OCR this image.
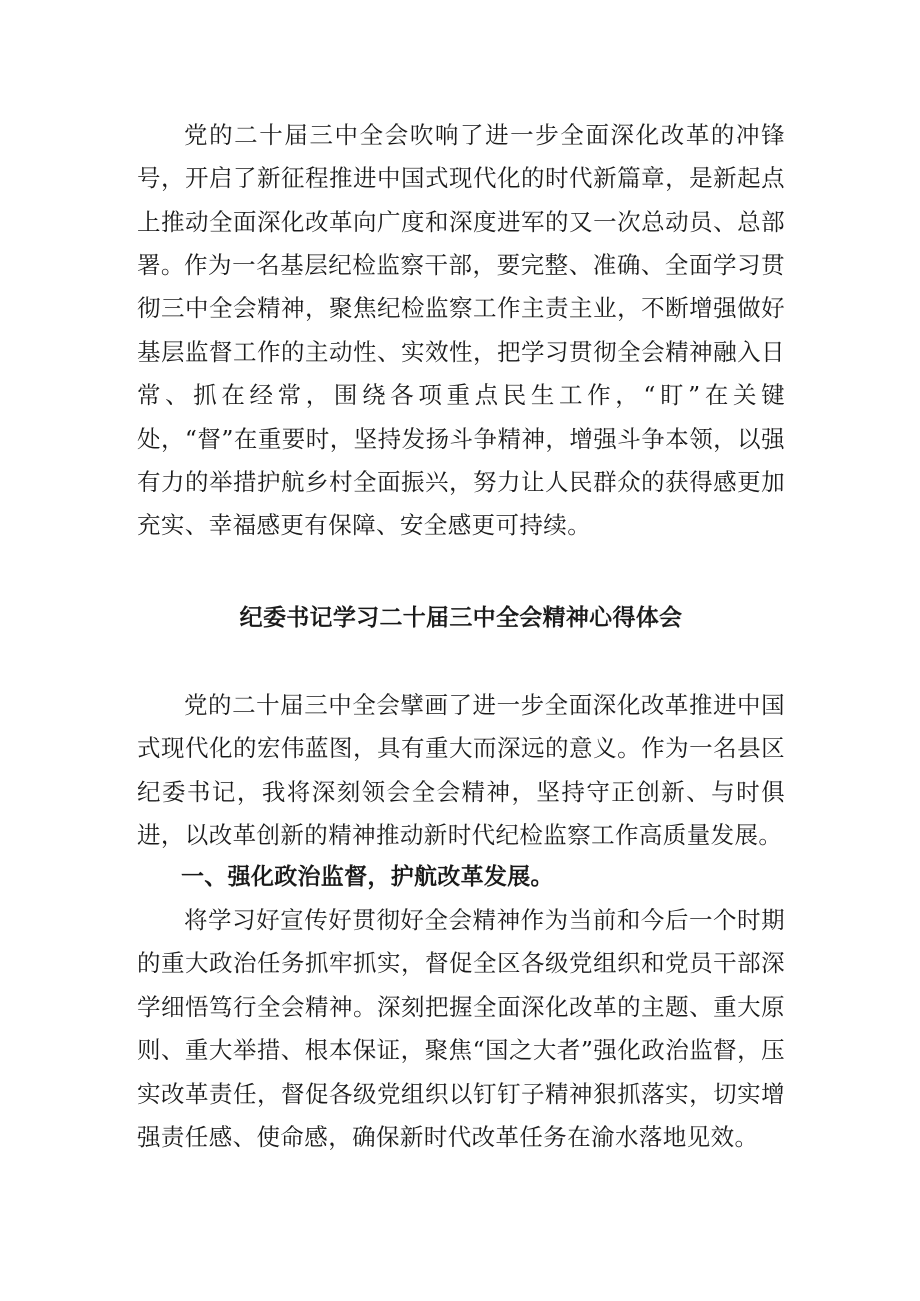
党的二十届三中全会吹响了进一步全面深化改革的冲锋号，开启了新征程推进中国式现代化的时代新篇章，是新起点上推动全面深化改革向广度和深度进军的又一次总动员、总部署。 作为一名基层纪检监察干部，要完整、准确、全面学习贯彻三中全会精神，聚焦纪检监察工作主责主业，不断增强做好基层监督工作的主动性、实效性，把学习贯彻全会精神融入日常、抓在经常，围绕各项重点民生工作，“盯”在关键处，“督”在重要时，坚持发扬斗争精神，增强斗争本领，以强有力的举措护航乡村全面振兴，努力让人民群众的获得感更加充实、幸福感更有保障、安全感更可持续。

纪委书记学习二十届三中全会精神心得体会

党的二十届三中全会擘画了进一步全面深化改革推进中国式现代化的宏伟蓝图，具有重大而深远的意义。作为一名县区纪委书记，我将深刻领会全会精神，坚持守正创新、与时俱进，以改革创新的精神推动新时代纪检监察工作高质量发展。

一、强化政治监督，护航改革发展。

将学习好宣传好贯彻好全会精神作为当前和今后一个时期的重大政治任务抓牢抓实，督促全区各级党组织和党员干部深学细悟笃行全会精神。深刻把握全面深化改革的主题、重大原则、重大举措、根本保证，聚焦“国之大者”强化政治监督，压实改革责任，督促各级党组织以钉钉子精神狠抓落实，切实增强责任感、使命感，确保新时代改革任务在渝水落地见效。
